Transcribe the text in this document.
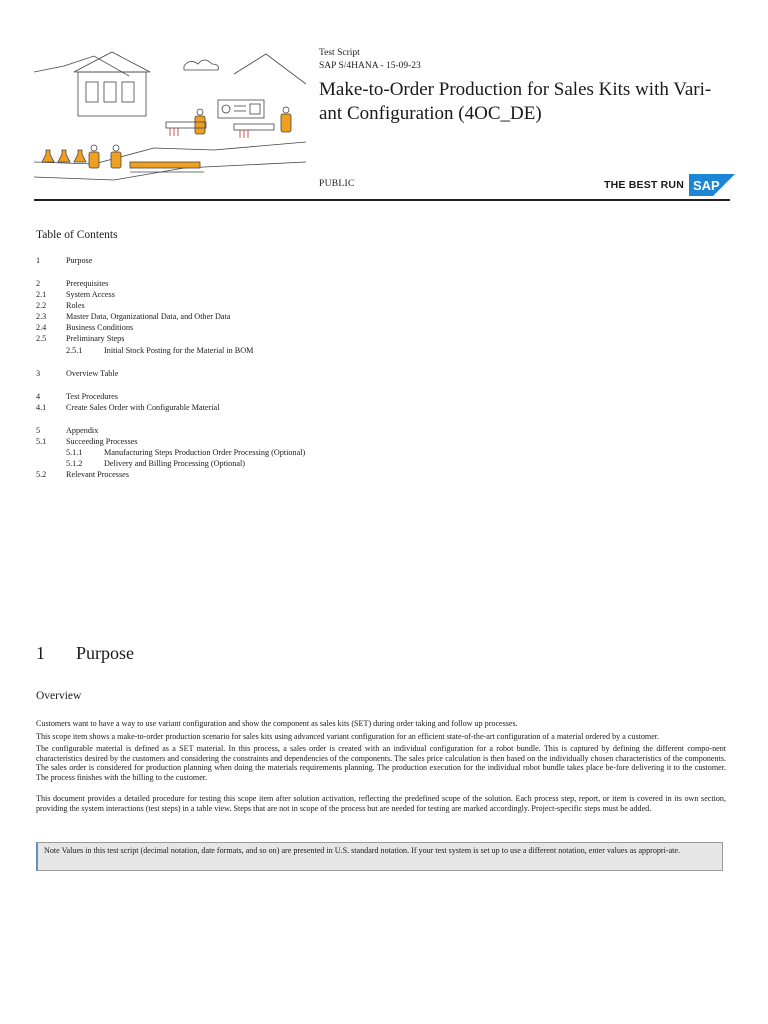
Test Script
SAP S/4HANA - 15-09-23
Make-to-Order Production for Sales Kits with Vari-ant Configuration (4OC_DE)
PUBLIC	THE BEST RUN SAP
Table of Contents
1	Purpose
2	Prerequisites
2.1 System Access
2.2 Roles
2.3 Master Data, Organizational Data, and Other Data
2.4 Business Conditions
2.5 Preliminary Steps
2.5.1	Initial Stock Posting for the Material in BOM
3	Overview Table
4	Test Procedures
4.1 Create Sales Order with Configurable Material
5	Appendix
5.1 Succeeding Processes
5.1.1	Manufacturing Steps Production Order Processing (Optional)
5.1.2	Delivery and Billing Processing (Optional)
5.2 Relevant Processes
1 Purpose
Overview
Customers want to have a way to use variant configuration and show the component as sales kits (SET) during order taking and follow up processes.
This scope item shows a make-to-order production scenario for sales kits using advanced variant configuration for an efficient state-of-the-art configuration of a material ordered by a customer.
The configurable material is defined as a SET material. In this process, a sales order is created with an individual configuration for a robot bundle. This is captured by defining the different compo-nent characteristics desired by the customers and considering the constraints and dependencies of the components. The sales price calculation is then based on the individually chosen characteristics of the components. The sales order is considered for production planning when doing the materials requirements planning. The production execution for the individual robot bundle takes place be-fore delivering it to the customer. The process finishes with the billing to the customer.
This document provides a detailed procedure for testing this scope item after solution activation, reflecting the predefined scope of the solution. Each process step, report, or item is covered in its own section, providing the system interactions (test steps) in a table view. Steps that are not in scope of the process but are needed for testing are marked accordingly. Project-specific steps must be added.
Note Values in this test script (decimal notation, date formats, and so on) are presented in U.S. standard notation. If your test system is set up to use a different notation, enter values as appropri-ate.
